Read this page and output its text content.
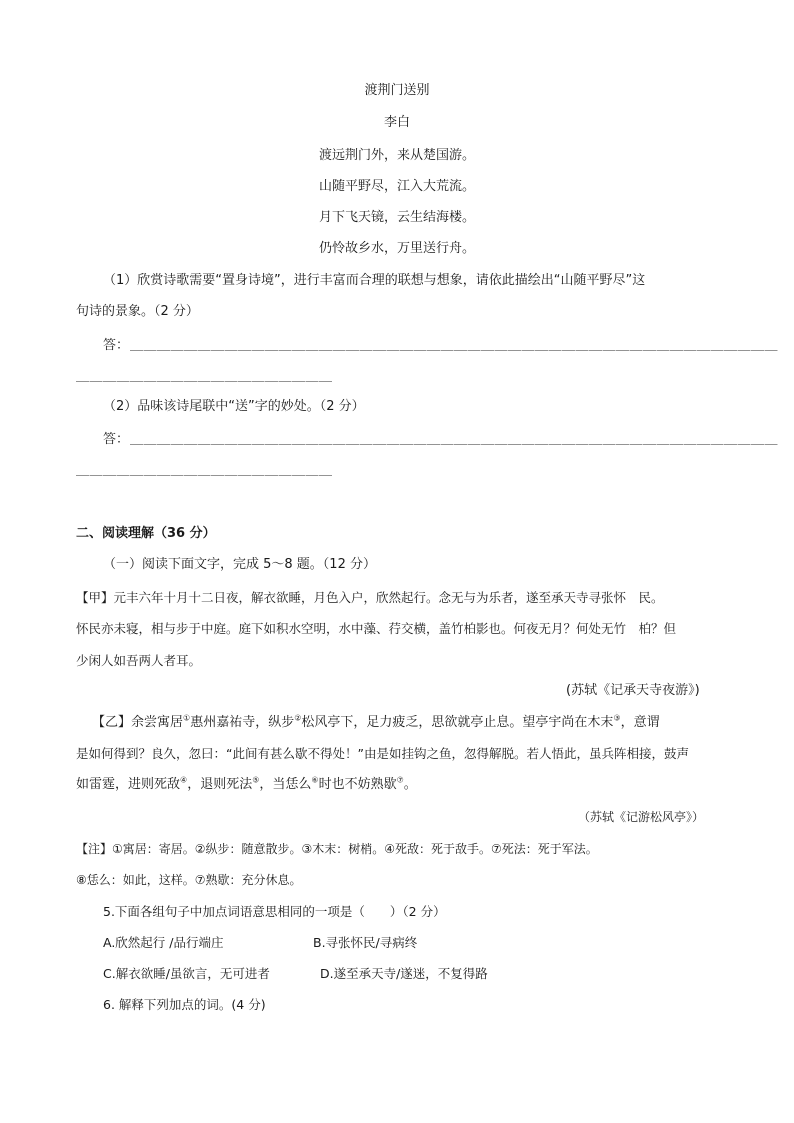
渡荆门送别
李白
渡远荆门外，来从楚国游。
山随平野尽，江入大荒流。
月下飞天镜，云生结海楼。
仍怜故乡水，万里送行舟。
（1）欣赏诗歌需要“置身诗境”，进行丰富而合理的联想与想象，请依此描绘出“山随平野尽”这
句诗的景象。（2 分）
答： ＿＿＿＿＿＿＿＿＿＿＿＿＿＿＿＿＿＿＿＿＿＿＿＿＿＿＿＿＿＿＿＿＿＿＿＿＿＿＿＿＿＿＿＿＿＿＿＿
＿＿＿＿＿＿＿＿＿＿＿＿＿＿＿＿＿＿＿
（2）品味该诗尾联中“送”字的妙处。（2 分）
答： ＿＿＿＿＿＿＿＿＿＿＿＿＿＿＿＿＿＿＿＿＿＿＿＿＿＿＿＿＿＿＿＿＿＿＿＿＿＿＿＿＿＿＿＿＿＿＿＿
＿＿＿＿＿＿＿＿＿＿＿＿＿＿＿＿＿＿＿
二、阅读理解（36 分）
（一）阅读下面文字，完成 5～8 题。（12 分）
【甲】元丰六年十月十二日夜，解衣欲睡，月色入户，欣然起行。念无与为乐者，遂至承天寺寻张怀　民。
怀民亦未寝，相与步于中庭。庭下如积水空明，水中藻、荇交横，盖竹柏影也。何夜无月？何处无竹　柏？但
少闲人如吾两人者耳。
(苏轼《记承天寺夜游》)
【乙】余尝寓居①惠州嘉祐寺，纵步②松风亭下，足力疲乏，思欲就亭止息。望亭宇尚在木末③，意谓
是如何得到？良久，忽曰：“此间有甚么歇不得处！”由是如挂钩之鱼，忽得解脱。若人悟此，虽兵阵相接，鼓声
如雷霆，进则死敌④，退则死法⑤，当恁么⑥时也不妨熟歇⑦。
（苏轼《记游松风亭》）
【注】①寓居：寄居。②纵步：随意散步。③木末：树梢。④死敌：死于敌手。⑦死法：死于军法。
⑧恁么：如此，这样。⑦熟歇：充分休息。
5.下面各组句子中加点词语意思相同的一项是（　　）（2 分）
A.欣然起行 /品行端庄	B.寻张怀民/寻病终
C.解衣欲睡/虽欲言，无可进者	D.遂至承天寺/遂迷，不复得路
6. 解释下列加点的词。(4 分)
